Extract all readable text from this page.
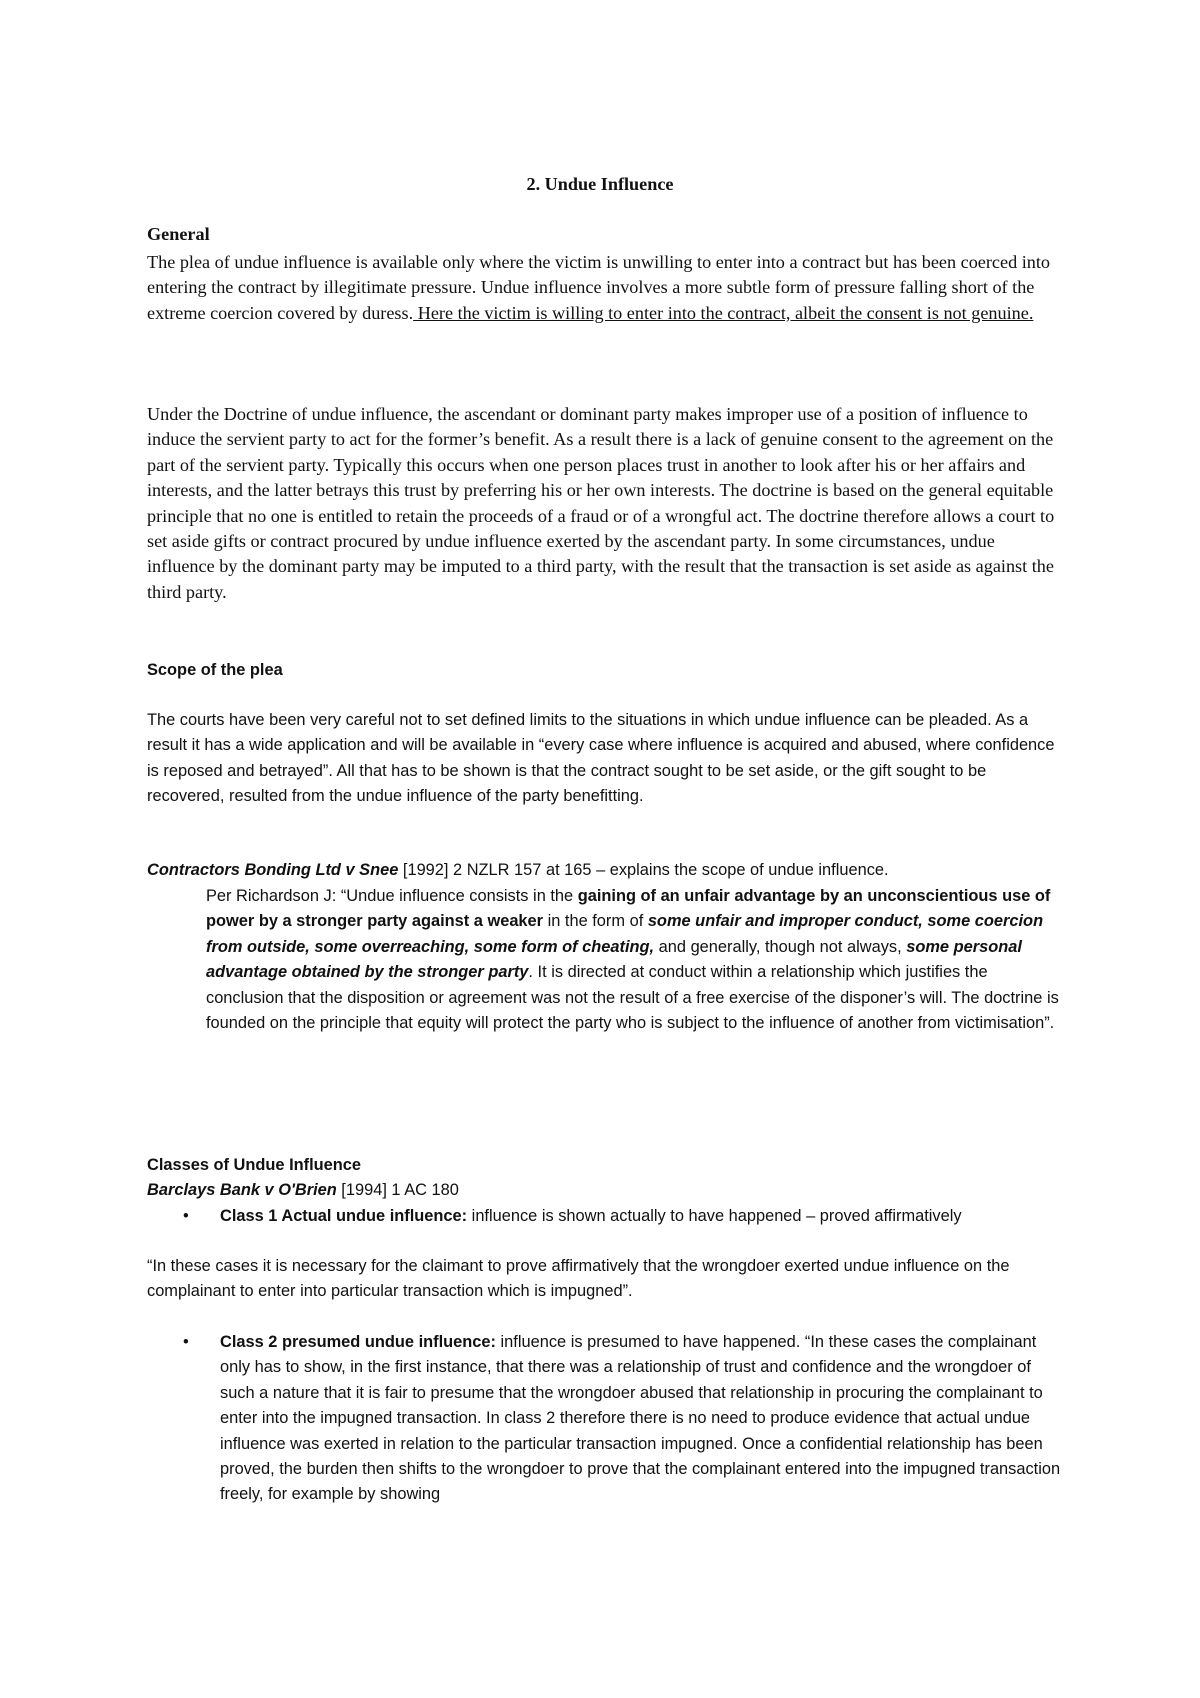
2. Undue Influence
General

The plea of undue influence is available only where the victim is unwilling to enter into a contract but has been coerced into entering the contract by illegitimate pressure. Undue influence involves a more subtle form of pressure falling short of the extreme coercion covered by duress. Here the victim is willing to enter into the contract, albeit the consent is not genuine.

Under the Doctrine of undue influence, the ascendant or dominant party makes improper use of a position of influence to induce the servient party to act for the former’s benefit. As a result there is a lack of genuine consent to the agreement on the part of the servient party. Typically this occurs when one person places trust in another to look after his or her affairs and interests, and the latter betrays this trust by preferring his or her own interests. The doctrine is based on the general equitable principle that no one is entitled to retain the proceeds of a fraud or of a wrongful act. The doctrine therefore allows a court to set aside gifts or contract procured by undue influence exerted by the ascendant party. In some circumstances, undue influence by the dominant party may be imputed to a third party, with the result that the transaction is set aside as against the third party.

Scope of the plea

The courts have been very careful not to set defined limits to the situations in which undue influence can be pleaded. As a result it has a wide application and will be available in “every case where influence is acquired and abused, where confidence is reposed and betrayed”. All that has to be shown is that the contract sought to be set aside, or the gift sought to be recovered, resulted from the undue influence of the party benefitting.

Contractors Bonding Ltd v Snee [1992] 2 NZLR 157 at 165 – explains the scope of undue influence.

Per Richardson J: “Undue influence consists in the gaining of an unfair advantage by an unconscientious use of power by a stronger party against a weaker in the form of some unfair and improper conduct, some coercion from outside, some overreaching, some form of cheating, and generally, though not always, some personal advantage obtained by the stronger party. It is directed at conduct within a relationship which justifies the conclusion that the disposition or agreement was not the result of a free exercise of the disponer’s will. The doctrine is founded on the principle that equity will protect the party who is subject to the influence of another from victimisation”.

Classes of Undue Influence
Barclays Bank v O'Brien [1994] 1 AC 180
• Class 1 Actual undue influence: influence is shown actually to have happened – proved affirmatively

“In these cases it is necessary for the claimant to prove affirmatively that the wrongdoer exerted undue influence on the complainant to enter into particular transaction which is impugned”.

• Class 2 presumed undue influence: influence is presumed to have happened. “In these cases the complainant only has to show, in the first instance, that there was a relationship of trust and confidence and the wrongdoer of such a nature that it is fair to presume that the wrongdoer abused that relationship in procuring the complainant to enter into the impugned transaction. In class 2 therefore there is no need to produce evidence that actual undue influence was exerted in relation to the particular transaction impugned. Once a confidential relationship has been proved, the burden then shifts to the wrongdoer to prove that the complainant entered into the impugned transaction freely, for example by showing
